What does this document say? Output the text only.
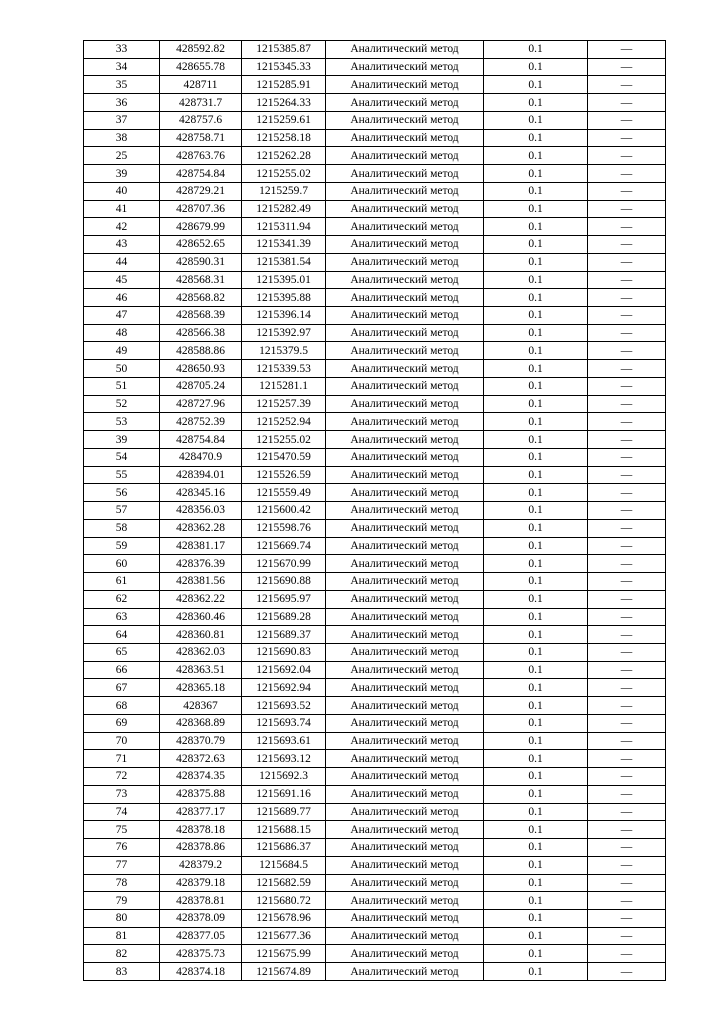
33	428592.82	1215385.87	Аналитический метод	0.1	—
34	428655.78	1215345.33	Аналитический метод	0.1	—
35	428711	1215285.91	Аналитический метод	0.1	—
36	428731.7	1215264.33	Аналитический метод	0.1	—
37	428757.6	1215259.61	Аналитический метод	0.1	—
38	428758.71	1215258.18	Аналитический метод	0.1	—
25	428763.76	1215262.28	Аналитический метод	0.1	—
39	428754.84	1215255.02	Аналитический метод	0.1	—
40	428729.21	1215259.7	Аналитический метод	0.1	—
41	428707.36	1215282.49	Аналитический метод	0.1	—
42	428679.99	1215311.94	Аналитический метод	0.1	—
43	428652.65	1215341.39	Аналитический метод	0.1	—
44	428590.31	1215381.54	Аналитический метод	0.1	—
45	428568.31	1215395.01	Аналитический метод	0.1	—
46	428568.82	1215395.88	Аналитический метод	0.1	—
47	428568.39	1215396.14	Аналитический метод	0.1	—
48	428566.38	1215392.97	Аналитический метод	0.1	—
49	428588.86	1215379.5	Аналитический метод	0.1	—
50	428650.93	1215339.53	Аналитический метод	0.1	—
51	428705.24	1215281.1	Аналитический метод	0.1	—
52	428727.96	1215257.39	Аналитический метод	0.1	—
53	428752.39	1215252.94	Аналитический метод	0.1	—
39	428754.84	1215255.02	Аналитический метод	0.1	—
54	428470.9	1215470.59	Аналитический метод	0.1	—
55	428394.01	1215526.59	Аналитический метод	0.1	—
56	428345.16	1215559.49	Аналитический метод	0.1	—
57	428356.03	1215600.42	Аналитический метод	0.1	—
58	428362.28	1215598.76	Аналитический метод	0.1	—
59	428381.17	1215669.74	Аналитический метод	0.1	—
60	428376.39	1215670.99	Аналитический метод	0.1	—
61	428381.56	1215690.88	Аналитический метод	0.1	—
62	428362.22	1215695.97	Аналитический метод	0.1	—
63	428360.46	1215689.28	Аналитический метод	0.1	—
64	428360.81	1215689.37	Аналитический метод	0.1	—
65	428362.03	1215690.83	Аналитический метод	0.1	—
66	428363.51	1215692.04	Аналитический метод	0.1	—
67	428365.18	1215692.94	Аналитический метод	0.1	—
68	428367	1215693.52	Аналитический метод	0.1	—
69	428368.89	1215693.74	Аналитический метод	0.1	—
70	428370.79	1215693.61	Аналитический метод	0.1	—
71	428372.63	1215693.12	Аналитический метод	0.1	—
72	428374.35	1215692.3	Аналитический метод	0.1	—
73	428375.88	1215691.16	Аналитический метод	0.1	—
74	428377.17	1215689.77	Аналитический метод	0.1	—
75	428378.18	1215688.15	Аналитический метод	0.1	—
76	428378.86	1215686.37	Аналитический метод	0.1	—
77	428379.2	1215684.5	Аналитический метод	0.1	—
78	428379.18	1215682.59	Аналитический метод	0.1	—
79	428378.81	1215680.72	Аналитический метод	0.1	—
80	428378.09	1215678.96	Аналитический метод	0.1	—
81	428377.05	1215677.36	Аналитический метод	0.1	—
82	428375.73	1215675.99	Аналитический метод	0.1	—
83	428374.18	1215674.89	Аналитический метод	0.1	—
